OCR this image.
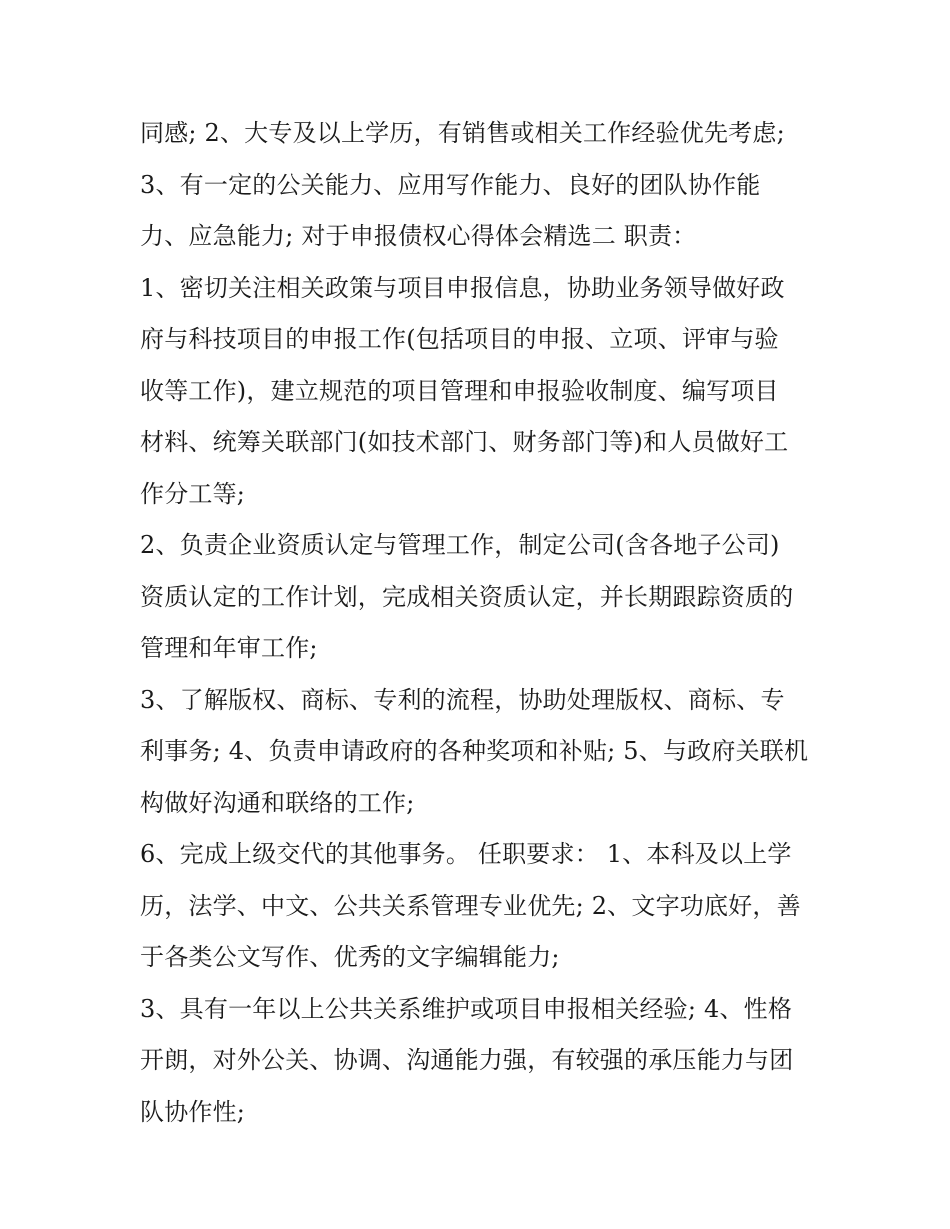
同感; 2、大专及以上学历，有销售或相关工作经验优先考虑;
3、有一定的公关能力、应用写作能力、良好的团队协作能
力、应急能力; 对于申报债权心得体会精选二 职责：
1、密切关注相关政策与项目申报信息，协助业务领导做好政
府与科技项目的申报工作(包括项目的申报、立项、评审与验
收等工作)，建立规范的项目管理和申报验收制度、编写项目
材料、统筹关联部门(如技术部门、财务部门等)和人员做好工
作分工等;
2、负责企业资质认定与管理工作，制定公司(含各地子公司)
资质认定的工作计划，完成相关资质认定，并长期跟踪资质的
管理和年审工作;
3、了解版权、商标、专利的流程，协助处理版权、商标、专
利事务; 4、负责申请政府的各种奖项和补贴; 5、与政府关联机
构做好沟通和联络的工作;
6、完成上级交代的其他事务。 任职要求： 1、本科及以上学
历，法学、中文、公共关系管理专业优先; 2、文字功底好，善
于各类公文写作、优秀的文字编辑能力;
3、具有一年以上公共关系维护或项目申报相关经验; 4、性格
开朗，对外公关、协调、沟通能力强，有较强的承压能力与团
队协作性;
